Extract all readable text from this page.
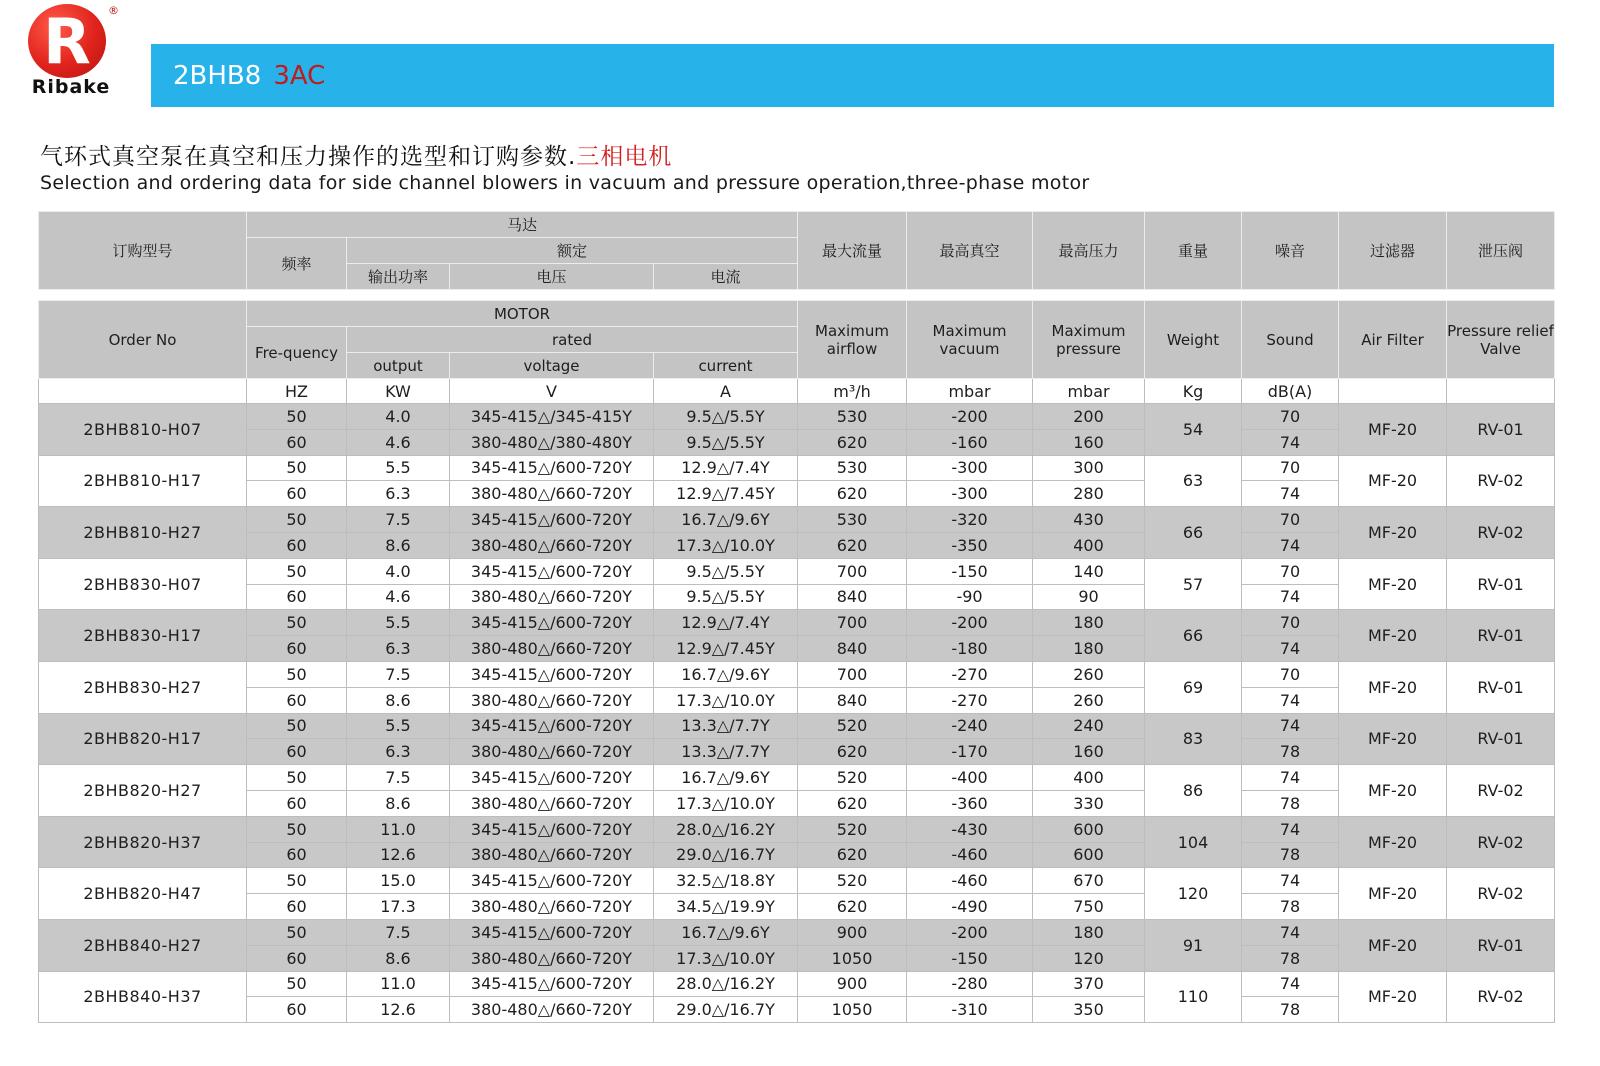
R	®
Ribake 2BHB8 3AC
气环式真空泵在真空和压力操作的选型和订购参数.三相电机
Selection and ordering data for side channel blowers in vacuum and pressure operation,three-phase motor
订购型号	马达				最大流量	最高真空	最高压力	重量	噪音	过滤器	泄压阀
	频率	额定									
		输出功率	电压	电流							
Order No	MOTOR				Maximum airflow	Maximum vacuum	Maximum pressure	Weight	Sound	Air Filter	Pressure relief Valve
	Fre-quency	rated									
		output	voltage	current							
	HZ	KW	V	A	m³/h	mbar	mbar	Kg	dB(A)		
2BHB810-H07	50	4.0	345-415△/345-415Y	9.5△/5.5Y	530	-200	200	54	70	MF-20	RV-01
	60	4.6	380-480△/380-480Y	9.5△/5.5Y	620	-160	160		74		
2BHB810-H17	50	5.5	345-415△/600-720Y	12.9△/7.4Y	530	-300	300	63	70	MF-20	RV-02
	60	6.3	380-480△/660-720Y	12.9△/7.45Y	620	-300	280		74		
2BHB810-H27	50	7.5	345-415△/600-720Y	16.7△/9.6Y	530	-320	430	66	70	MF-20	RV-02
	60	8.6	380-480△/660-720Y	17.3△/10.0Y	620	-350	400		74		
2BHB830-H07	50	4.0	345-415△/600-720Y	9.5△/5.5Y	700	-150	140	57	70	MF-20	RV-01
	60	4.6	380-480△/660-720Y	9.5△/5.5Y	840	-90	90		74		
2BHB830-H17	50	5.5	345-415△/600-720Y	12.9△/7.4Y	700	-200	180	66	70	MF-20	RV-01
	60	6.3	380-480△/660-720Y	12.9△/7.45Y	840	-180	180		74		
2BHB830-H27	50	7.5	345-415△/600-720Y	16.7△/9.6Y	700	-270	260	69	70	MF-20	RV-01
	60	8.6	380-480△/660-720Y	17.3△/10.0Y	840	-270	260		74		
2BHB820-H17	50	5.5	345-415△/600-720Y	13.3△/7.7Y	520	-240	240	83	74	MF-20	RV-01
	60	6.3	380-480△/660-720Y	13.3△/7.7Y	620	-170	160		78		
2BHB820-H27	50	7.5	345-415△/600-720Y	16.7△/9.6Y	520	-400	400	86	74	MF-20	RV-02
	60	8.6	380-480△/660-720Y	17.3△/10.0Y	620	-360	330		78		
2BHB820-H37	50	11.0	345-415△/600-720Y	28.0△/16.2Y	520	-430	600	104	74	MF-20	RV-02
	60	12.6	380-480△/660-720Y	29.0△/16.7Y	620	-460	600		78		
2BHB820-H47	50	15.0	345-415△/600-720Y	32.5△/18.8Y	520	-460	670	120	74	MF-20	RV-02
	60	17.3	380-480△/660-720Y	34.5△/19.9Y	620	-490	750		78		
2BHB840-H27	50	7.5	345-415△/600-720Y	16.7△/9.6Y	900	-200	180	91	74	MF-20	RV-01
	60	8.6	380-480△/660-720Y	17.3△/10.0Y	1050	-150	120		78		
2BHB840-H37	50	11.0	345-415△/600-720Y	28.0△/16.2Y	900	-280	370	110	74	MF-20	RV-02
	60	12.6	380-480△/660-720Y	29.0△/16.7Y	1050	-310	350		78		
